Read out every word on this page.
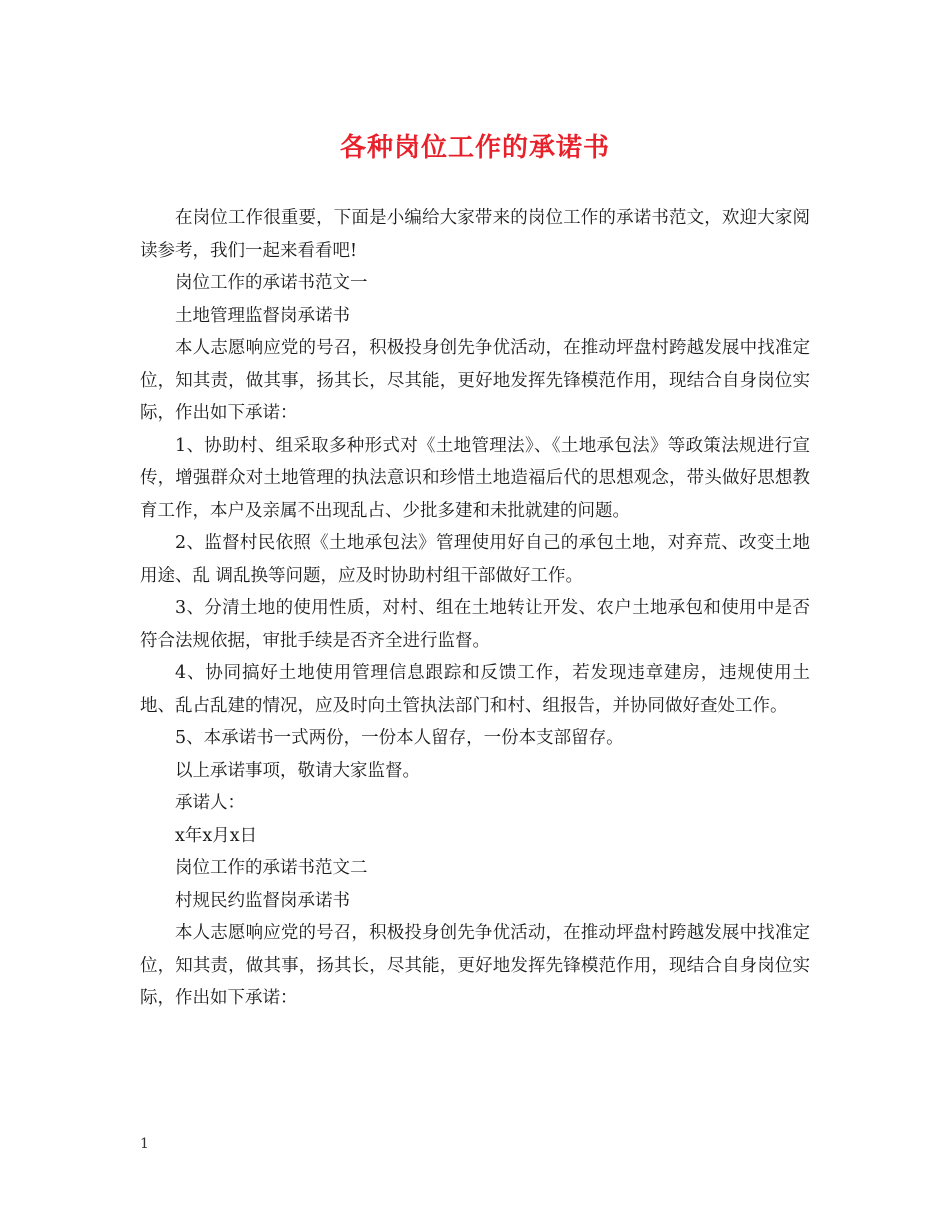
各种岗位工作的承诺书

在岗位工作很重要，下面是小编给大家带来的岗位工作的承诺书范文，欢迎大家阅读参考，我们一起来看看吧!

岗位工作的承诺书范文一

土地管理监督岗承诺书

本人志愿响应党的号召，积极投身创先争优活动，在推动坪盘村跨越发展中找准定位，知其责，做其事，扬其长，尽其能，更好地发挥先锋模范作用，现结合自身岗位实际，作出如下承诺：

1、协助村、组采取多种形式对《土地管理法》、《土地承包法》等政策法规进行宣传，增强群众对土地管理的执法意识和珍惜土地造福后代的思想观念，带头做好思想教育工作，本户及亲属不出现乱占、少批多建和未批就建的问题。

2、监督村民依照《土地承包法》管理使用好自己的承包土地，对弃荒、改变土地用途、乱 调乱换等问题，应及时协助村组干部做好工作。

3、分清土地的使用性质，对村、组在土地转让开发、农户土地承包和使用中是否符合法规依据，审批手续是否齐全进行监督。

4、协同搞好土地使用管理信息跟踪和反馈工作，若发现违章建房，违规使用土地、乱占乱建的情况，应及时向土管执法部门和村、组报告，并协同做好查处工作。

5、本承诺书一式两份，一份本人留存，一份本支部留存。

以上承诺事项，敬请大家监督。

承诺人：

x年x月x日

岗位工作的承诺书范文二

村规民约监督岗承诺书

本人志愿响应党的号召，积极投身创先争优活动，在推动坪盘村跨越发展中找准定位，知其责，做其事，扬其长，尽其能，更好地发挥先锋模范作用，现结合自身岗位实际，作出如下承诺：

1
